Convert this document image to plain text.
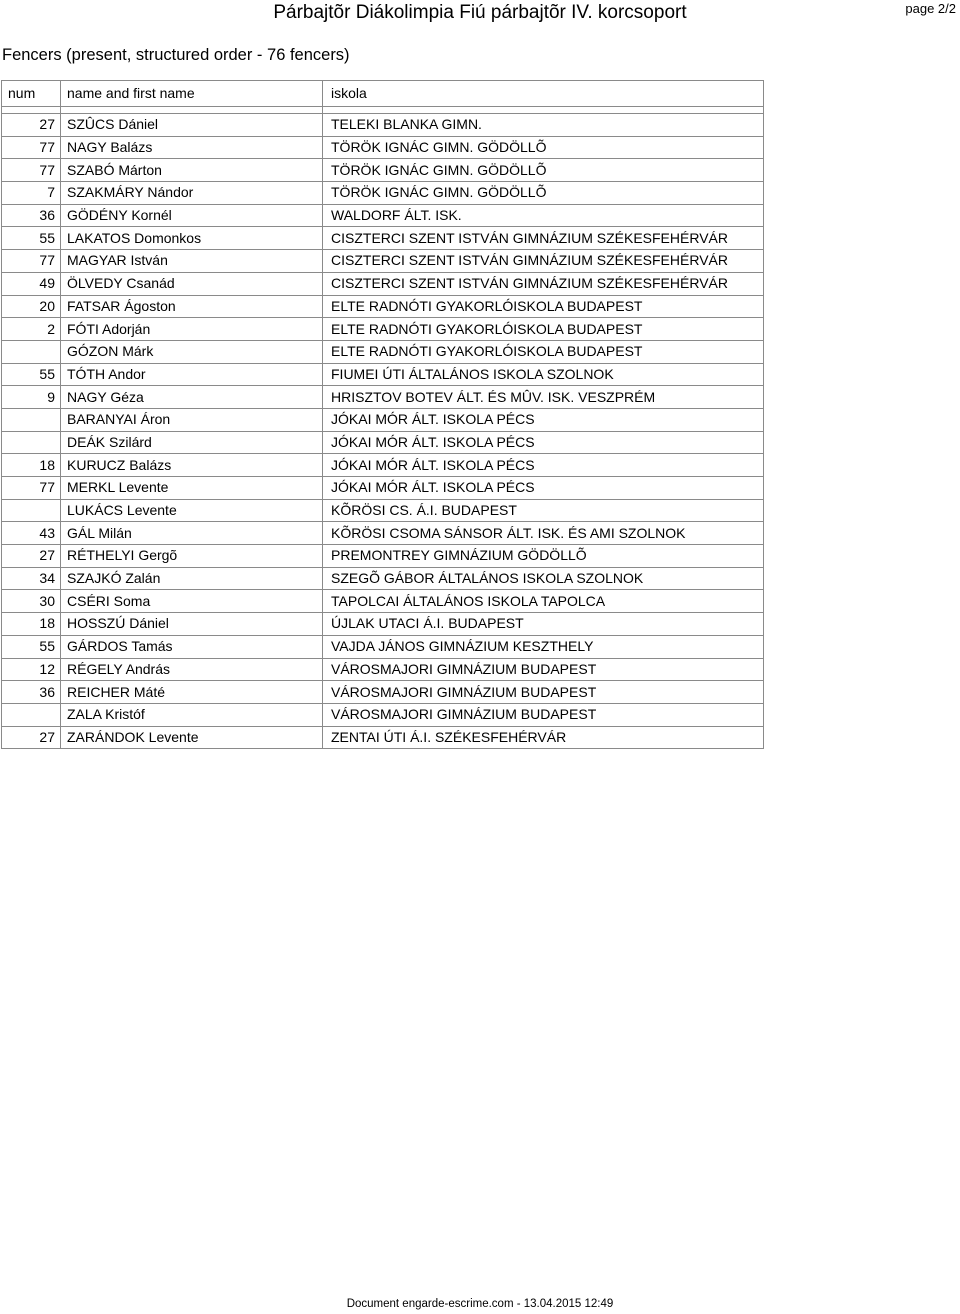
Párbajtõr Diákolimpia Fiú párbajtõr IV. korcsoport	page 2/2
Fencers (present, structured order - 76 fencers)
num	name and first name	iskola

27	SZÛCS Dániel	TELEKI BLANKA GIMN.
77	NAGY Balázs	TÖRÖK IGNÁC GIMN. GÖDÖLLÕ
77	SZABÓ Márton	TÖRÖK IGNÁC GIMN. GÖDÖLLÕ
7	SZAKMÁRY Nándor	TÖRÖK IGNÁC GIMN. GÖDÖLLÕ
36	GÖDÉNY Kornél	WALDORF ÁLT. ISK.
55	LAKATOS Domonkos	CISZTERCI SZENT ISTVÁN GIMNÁZIUM SZÉKESFEHÉRVÁR
77	MAGYAR István	CISZTERCI SZENT ISTVÁN GIMNÁZIUM SZÉKESFEHÉRVÁR
49	ÖLVEDY Csanád	CISZTERCI SZENT ISTVÁN GIMNÁZIUM SZÉKESFEHÉRVÁR
20	FATSAR Ágoston	ELTE RADNÓTI GYAKORLÓISKOLA BUDAPEST
2	FÓTI Adorján	ELTE RADNÓTI GYAKORLÓISKOLA BUDAPEST
	GÓZON Márk	ELTE RADNÓTI GYAKORLÓISKOLA BUDAPEST
55	TÓTH Andor	FIUMEI ÚTI ÁLTALÁNOS ISKOLA SZOLNOK
9	NAGY Géza	HRISZTOV BOTEV ÁLT. ÉS MÛV. ISK. VESZPRÉM
	BARANYAI Áron	JÓKAI MÓR ÁLT. ISKOLA PÉCS
	DEÁK Szilárd	JÓKAI MÓR ÁLT. ISKOLA PÉCS
18	KURUCZ Balázs	JÓKAI MÓR ÁLT. ISKOLA PÉCS
77	MERKL Levente	JÓKAI MÓR ÁLT. ISKOLA PÉCS
	LUKÁCS Levente	KÕRÖSI CS. Á.I. BUDAPEST
43	GÁL Milán	KÕRÖSI CSOMA SÁNSOR ÁLT. ISK. ÉS AMI SZOLNOK
27	RÉTHELYI Gergõ	PREMONTREY GIMNÁZIUM GÖDÖLLÕ
34	SZAJKÓ Zalán	SZEGÕ GÁBOR ÁLTALÁNOS ISKOLA SZOLNOK
30	CSÉRI Soma	TAPOLCAI ÁLTALÁNOS ISKOLA TAPOLCA
18	HOSSZÚ Dániel	ÚJLAK UTACI Á.I. BUDAPEST
55	GÁRDOS Tamás	VAJDA JÁNOS GIMNÁZIUM KESZTHELY
12	RÉGELY András	VÁROSMAJORI GIMNÁZIUM BUDAPEST
36	REICHER Máté	VÁROSMAJORI GIMNÁZIUM BUDAPEST
	ZALA Kristóf	VÁROSMAJORI GIMNÁZIUM BUDAPEST
27	ZARÁNDOK Levente	ZENTAI ÚTI Á.I. SZÉKESFEHÉRVÁR
Document engarde-escrime.com - 13.04.2015 12:49
